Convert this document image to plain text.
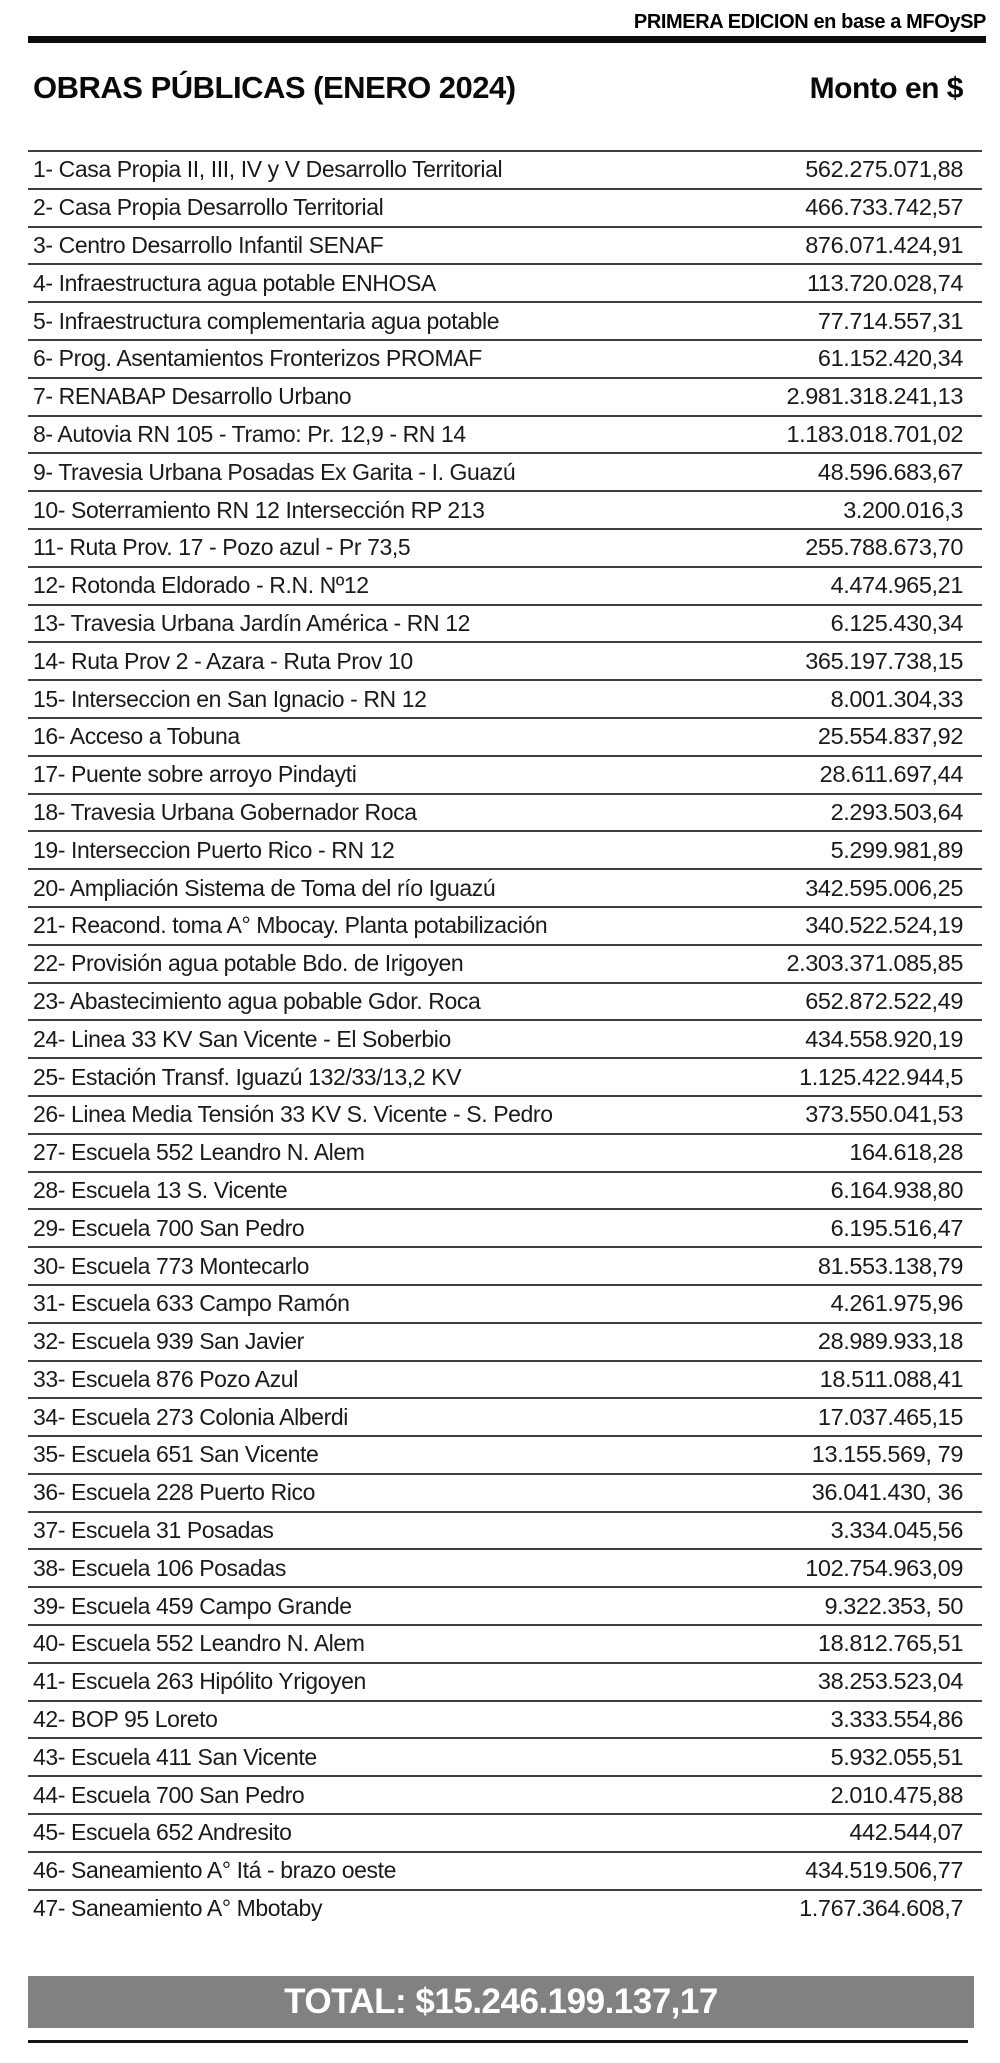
PRIMERA EDICION en base a MFOySP
OBRAS PÚBLICAS (ENERO 2024)	Monto en $
1- Casa Propia II, III, IV y V Desarrollo Territorial	562.275.071,88
2- Casa Propia Desarrollo Territorial	466.733.742,57
3- Centro Desarrollo Infantil SENAF	876.071.424,91
4- Infraestructura agua potable ENHOSA	113.720.028,74
5- Infraestructura complementaria agua potable	77.714.557,31
6- Prog. Asentamientos Fronterizos PROMAF	61.152.420,34
7- RENABAP Desarrollo Urbano	2.981.318.241,13
8- Autovia RN 105 - Tramo: Pr. 12,9 - RN 14	1.183.018.701,02
9- Travesia Urbana Posadas Ex Garita - I. Guazú	48.596.683,67
10- Soterramiento RN 12 Intersección RP 213	3.200.016,3
11- Ruta Prov. 17 - Pozo azul - Pr 73,5	255.788.673,70
12- Rotonda Eldorado - R.N. Nº12	4.474.965,21
13- Travesia Urbana Jardín América - RN 12	6.125.430,34
14- Ruta Prov 2 - Azara - Ruta Prov 10	365.197.738,15
15- Interseccion en San Ignacio - RN 12	8.001.304,33
16- Acceso a Tobuna	25.554.837,92
17- Puente sobre arroyo Pindayti	28.611.697,44
18- Travesia Urbana Gobernador Roca	2.293.503,64
19- Interseccion Puerto Rico - RN 12	5.299.981,89
20- Ampliación Sistema de Toma del río Iguazú	342.595.006,25
21- Reacond. toma A° Mbocay. Planta potabilización	340.522.524,19
22- Provisión agua potable Bdo. de Irigoyen	2.303.371.085,85
23- Abastecimiento agua pobable Gdor. Roca	652.872.522,49
24- Linea 33 KV San Vicente - El Soberbio	434.558.920,19
25- Estación Transf. Iguazú 132/33/13,2 KV	1.125.422.944,5
26- Linea Media Tensión 33 KV S. Vicente - S. Pedro	373.550.041,53
27- Escuela 552 Leandro N. Alem	164.618,28
28- Escuela 13 S. Vicente	6.164.938,80
29- Escuela 700 San Pedro	6.195.516,47
30- Escuela 773 Montecarlo	81.553.138,79
31- Escuela 633 Campo Ramón	4.261.975,96
32- Escuela 939 San Javier	28.989.933,18
33- Escuela 876 Pozo Azul	18.511.088,41
34- Escuela 273 Colonia Alberdi	17.037.465,15
35- Escuela 651 San Vicente	13.155.569, 79
36- Escuela 228 Puerto Rico	36.041.430, 36
37- Escuela 31 Posadas	3.334.045,56
38- Escuela 106 Posadas	102.754.963,09
39- Escuela 459 Campo Grande	9.322.353, 50
40- Escuela 552 Leandro N. Alem	18.812.765,51
41- Escuela 263 Hipólito Yrigoyen	38.253.523,04
42- BOP 95 Loreto	3.333.554,86
43- Escuela 411 San Vicente	5.932.055,51
44- Escuela 700 San Pedro	2.010.475,88
45- Escuela 652 Andresito	442.544,07
46- Saneamiento A° Itá - brazo oeste	434.519.506,77
47- Saneamiento A° Mbotaby	1.767.364.608,7
TOTAL: $15.246.199.137,17
